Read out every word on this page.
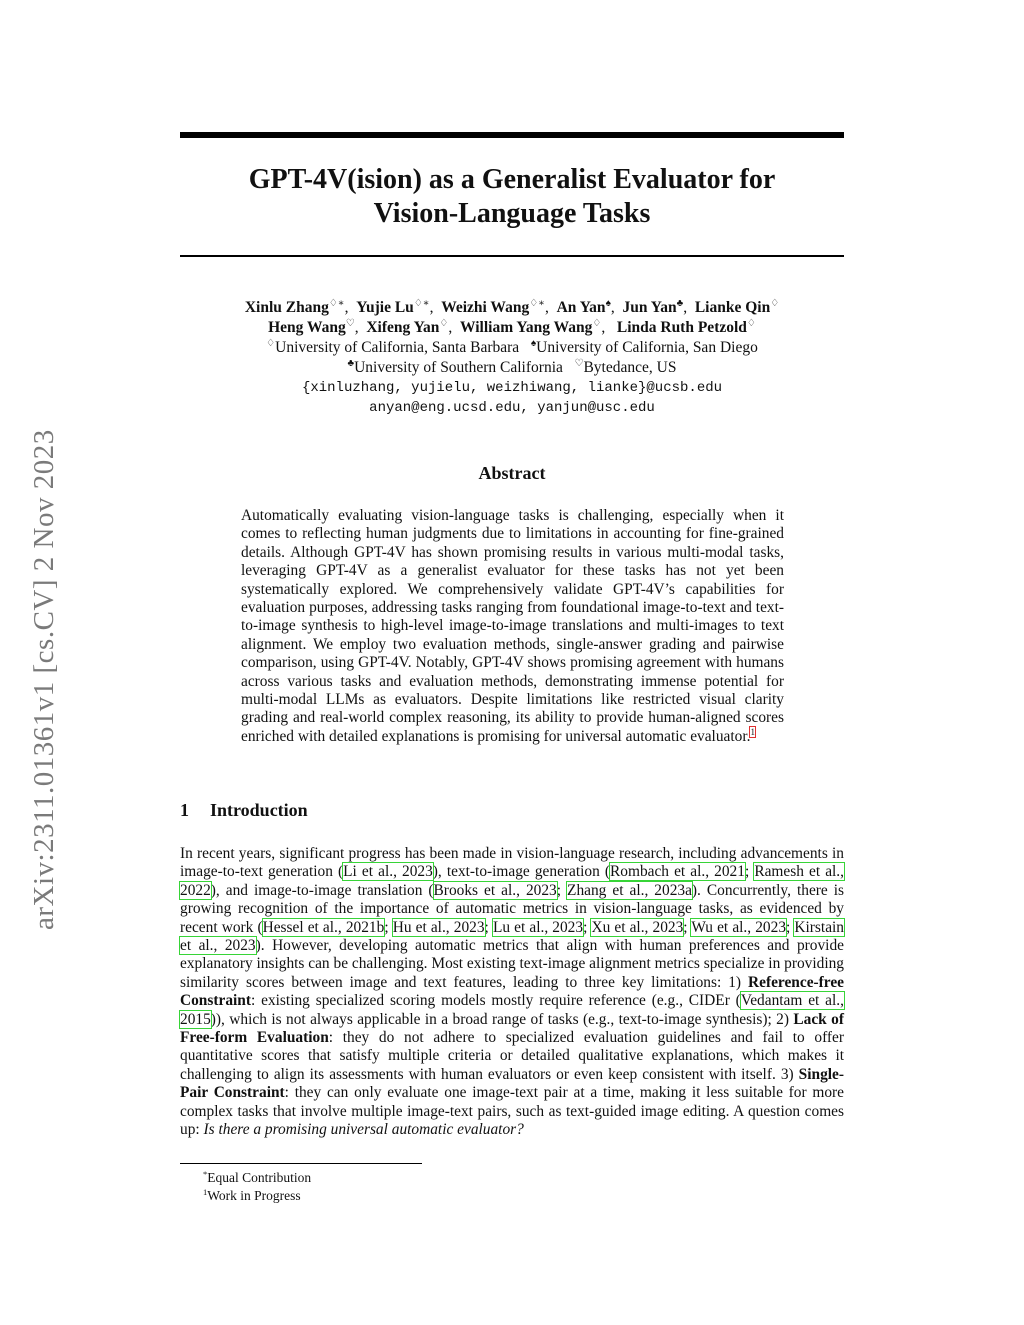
arXiv:2311.01361v1 [cs.CV] 2 Nov 2023
GPT-4V(ision) as a Generalist Evaluator for
Vision-Language Tasks
Xinlu Zhang♢∗,  Yujie Lu♢∗,  Weizhi Wang♢∗,  An Yan♠,  Jun Yan♣,  Lianke Qin♢
Heng Wang♡,  Xifeng Yan♢,  William Yang Wang♢,   Linda Ruth Petzold♢
♢University of California, Santa Barbara ♠University of California, San Diego
♣University of Southern California ♡Bytedance, US
{xinluzhang, yujielu, weizhiwang, lianke}@ucsb.edu
anyan@eng.ucsd.edu, yanjun@usc.edu
Abstract

Automatically evaluating vision-language tasks is challenging, especially when it comes to reflecting human judgments due to limitations in accounting for fine-grained details. Although GPT-4V has shown promising results in various multi-modal tasks, leveraging GPT-4V as a generalist evaluator for these tasks has not yet been systematically explored. We comprehensively validate GPT-4V’s capabilities for evaluation purposes, addressing tasks ranging from foundational image-to-text and text-to-image synthesis to high-level image-to-image translations and multi-images to text alignment. We employ two evaluation methods, single-answer grading and pairwise comparison, using GPT-4V. Notably, GPT-4V shows promising agreement with humans across various tasks and evaluation methods, demonstrating immense potential for multi-modal LLMs as evaluators. Despite limitations like restricted visual clarity grading and real-world complex reasoning, its ability to provide human-aligned scores enriched with detailed explanations is promising for universal automatic evaluator.$^1$

1 Introduction

In recent years, significant progress has been made in vision-language research, including advancements in image-to-text generation (Li et al., 2023), text-to-image generation (Rombach et al., 2021; Ramesh et al., 2022), and image-to-image translation (Brooks et al., 2023; Zhang et al., 2023a). Concurrently, there is growing recognition of the importance of automatic metrics in vision-language tasks, as evidenced by recent work (Hessel et al., 2021b; Hu et al., 2023; Lu et al., 2023; Xu et al., 2023; Wu et al., 2023; Kirstain et al., 2023). However, developing automatic metrics that align with human preferences and provide explanatory insights can be challenging. Most existing text-image alignment metrics specialize in providing similarity scores between image and text features, leading to three key limitations: 1) Reference-free Constraint: existing specialized scoring models mostly require reference (e.g., CIDEr (Vedantam et al., 2015)), which is not always applicable in a broad range of tasks (e.g., text-to-image synthesis); 2) Lack of Free-form Evaluation: they do not adhere to specialized evaluation guidelines and fail to offer quantitative scores that satisfy multiple criteria or detailed qualitative explanations, which makes it challenging to align its assessments with human evaluators or even keep consistent with itself. 3) Single-Pair Constraint: they can only evaluate one image-text pair at a time, making it less suitable for more complex tasks that involve multiple image-text pairs, such as text-guided image editing. A question comes up: Is there a promising universal automatic evaluator?

*Equal Contribution
$^1$Work in Progress
